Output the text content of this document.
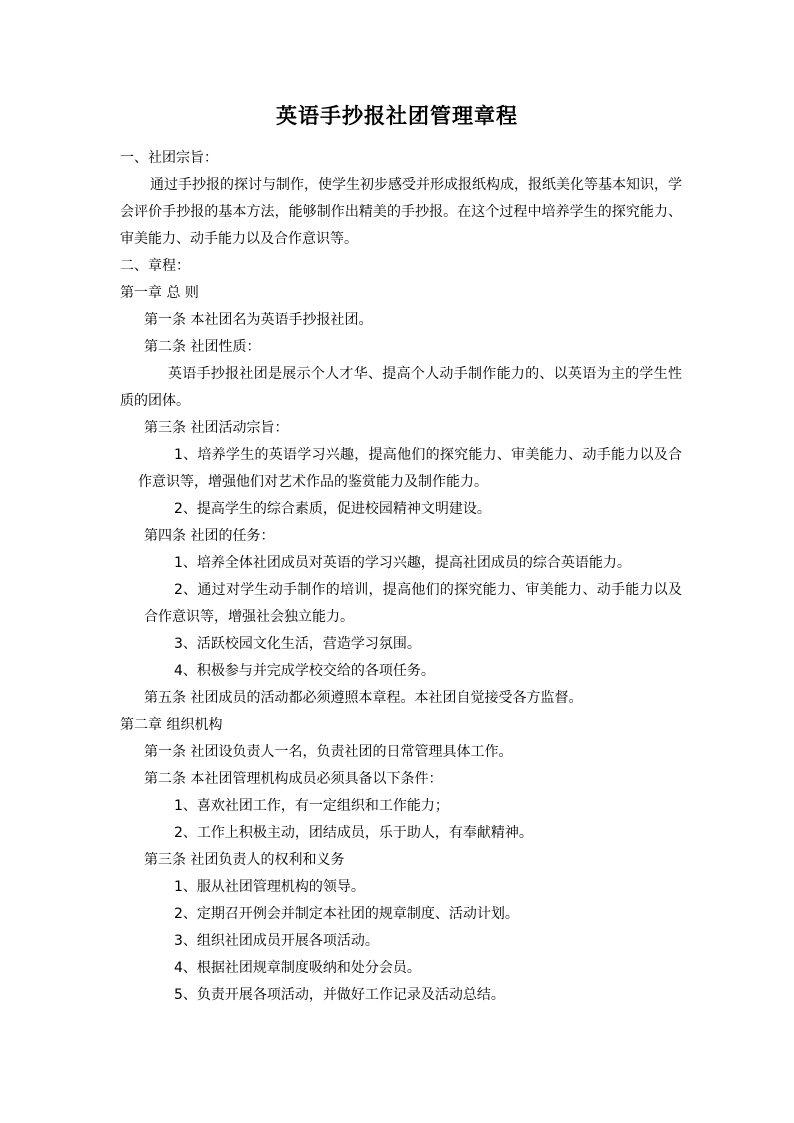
英语手抄报社团管理章程

一、社团宗旨：

通过手抄报的探讨与制作，使学生初步感受并形成报纸构成，报纸美化等基本知识，学会评价手抄报的基本方法，能够制作出精美的手抄报。在这个过程中培养学生的探究能力、审美能力、动手能力以及合作意识等。

二、章程：

第一章 总 则

第一条 本社团名为英语手抄报社团。

第二条 社团性质：

英语手抄报社团是展示个人才华、提高个人动手制作能力的、以英语为主的学生性质的团体。

第三条 社团活动宗旨：

1、培养学生的英语学习兴趣，提高他们的探究能力、审美能力、动手能力以及合作意识等，增强他们对艺术作品的鉴赏能力及制作能力。

2、提高学生的综合素质，促进校园精神文明建设。

第四条 社团的任务：

1、培养全体社团成员对英语的学习兴趣，提高社团成员的综合英语能力。

2、通过对学生动手制作的培训，提高他们的探究能力、审美能力、动手能力以及合作意识等，增强社会独立能力。

3、活跃校园文化生活，营造学习氛围。

4、积极参与并完成学校交给的各项任务。

第五条 社团成员的活动都必须遵照本章程。本社团自觉接受各方监督。

第二章 组织机构

第一条 社团设负责人一名，负责社团的日常管理具体工作。

第二条 本社团管理机构成员必须具备以下条件：

1、喜欢社团工作，有一定组织和工作能力；

2、工作上积极主动，团结成员，乐于助人，有奉献精神。

第三条 社团负责人的权利和义务

1、服从社团管理机构的领导。

2、定期召开例会并制定本社团的规章制度、活动计划。

3、组织社团成员开展各项活动。

4、根据社团规章制度吸纳和处分会员。

5、负责开展各项活动，并做好工作记录及活动总结。
